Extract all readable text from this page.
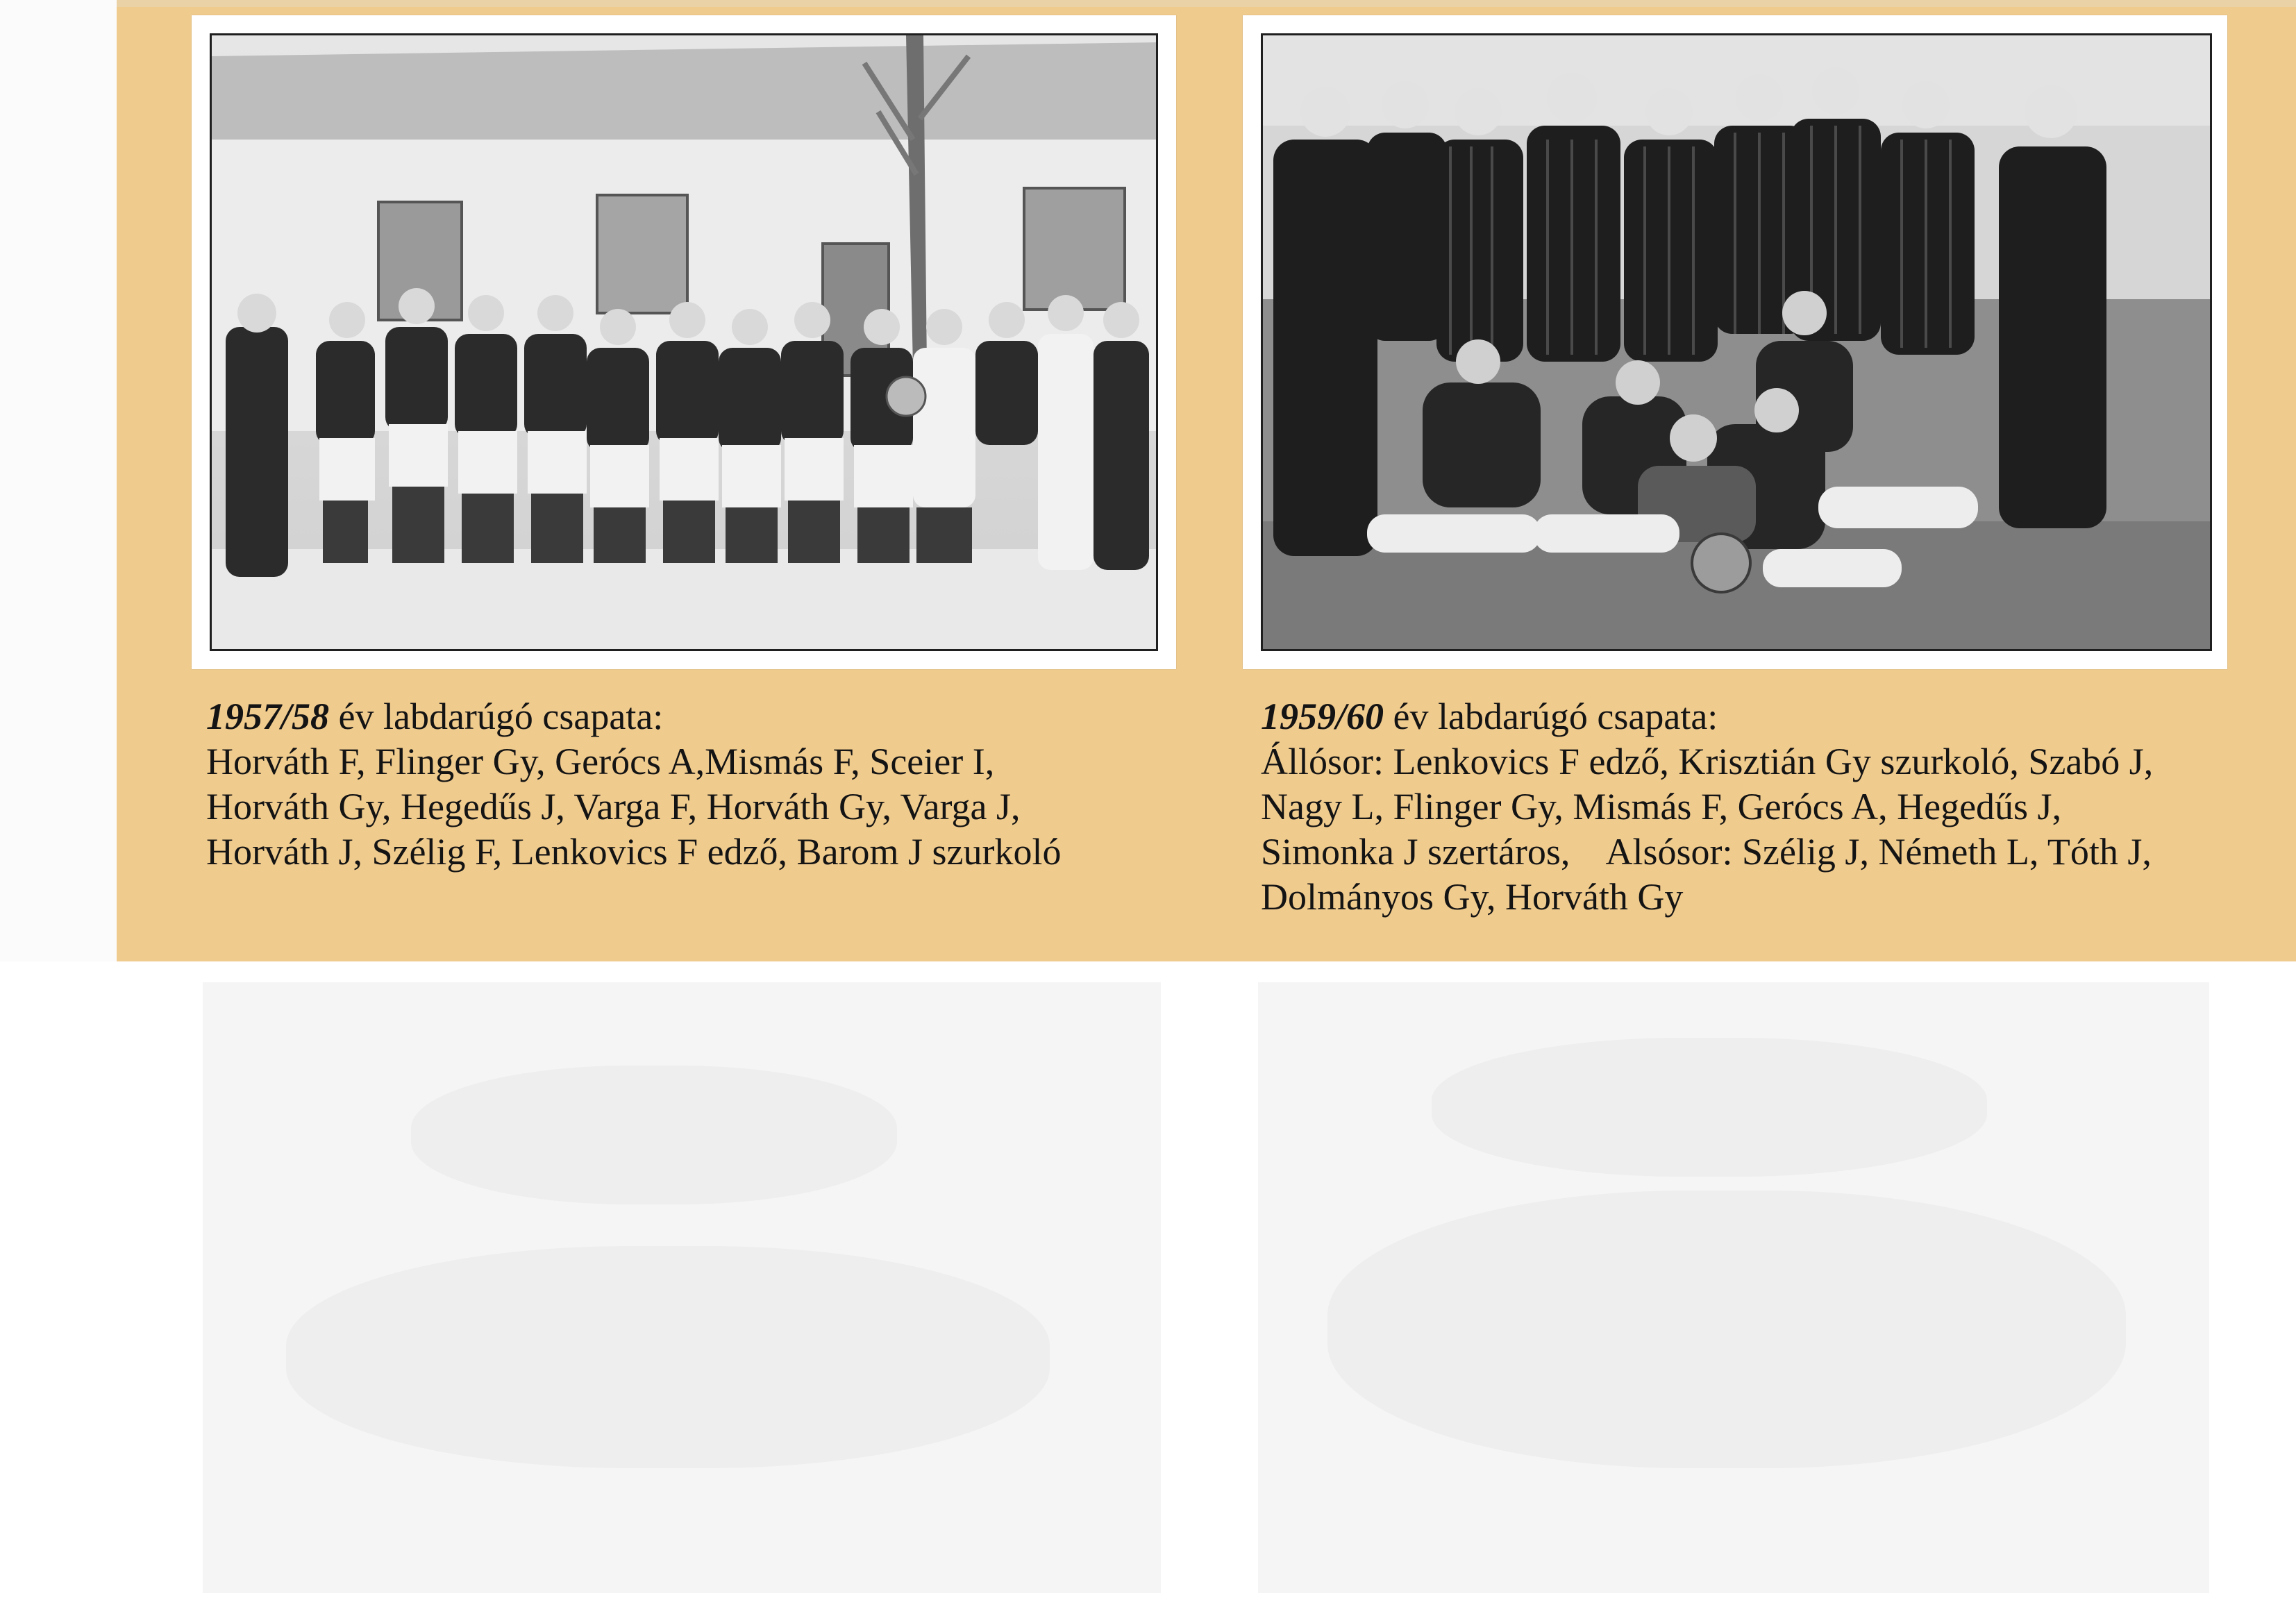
1957/58 év labdarúgó csapata:
Horváth F, Flinger Gy, Gerócs A,Mismás F, Sceier I,
Horváth Gy, Hegedűs J, Varga F, Horváth Gy, Varga J,
Horváth J, Szélig F, Lenkovics F edző, Barom J szurkoló
1959/60 év labdarúgó csapata:
Állósor: Lenkovics F edző, Krisztián Gy szurkoló, Szabó J,
Nagy L, Flinger Gy, Mismás F, Gerócs A, Hegedűs J,
Simonka J szertáros,    Alsósor: Szélig J, Németh L, Tóth J,
Dolmányos Gy, Horváth Gy
